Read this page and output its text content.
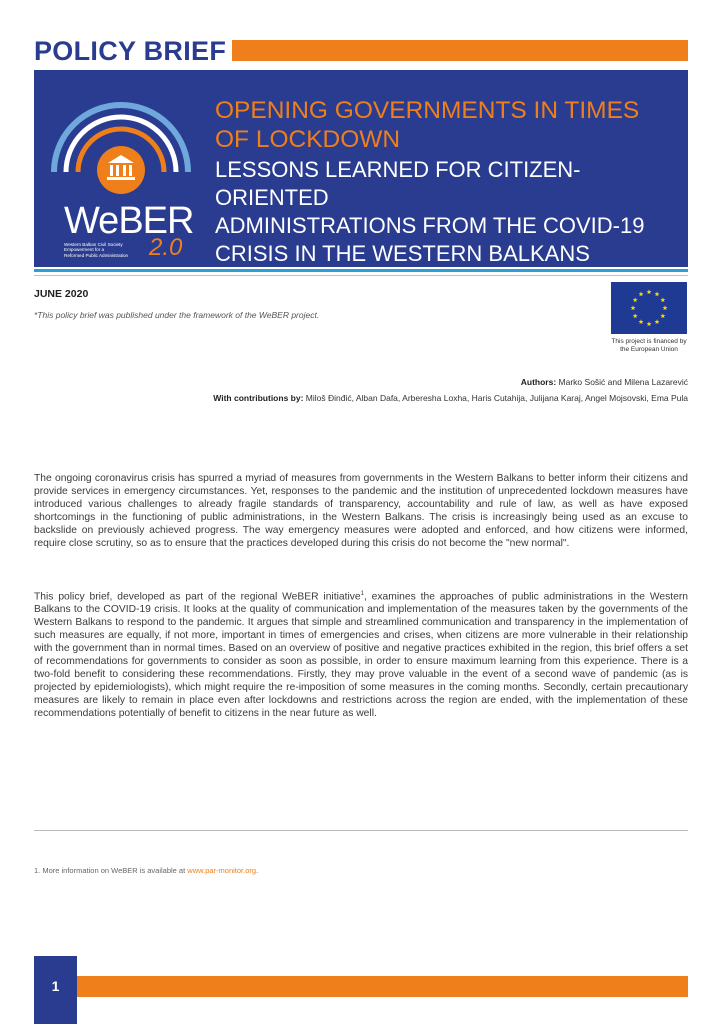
POLICY BRIEF
WeBER
Western Balkan Civil Society
Empowerment for a
Reformed Public Administration 2.0
OPENING GOVERNMENTS IN TIMES
OF LOCKDOWN
LESSONS LEARNED FOR CITIZEN-ORIENTED
ADMINISTRATIONS FROM THE COVID-19
CRISIS IN THE WESTERN BALKANS
JUNE 2020
*This policy brief was published under the framework of the WeBER project.
This project is financed by
the European Union
Authors: Marko Sošić and Milena Lazarević
With contributions by: Miloš Đinđić, Alban Dafa, Arberesha Loxha, Haris Cutahija, Julijana Karaj, Angel Mojsovski, Ema Pula
The ongoing coronavirus crisis has spurred a myriad of measures from governments in the Western Balkans to better inform their citizens and provide services in emergency circumstances. Yet, responses to the pandemic and the institution of unprecedented lockdown measures have introduced various challenges to already fragile standards of transparency, accountability and rule of law, as well as have exposed shortcomings in the functioning of public administrations, in the Western Balkans. The crisis is increasingly being used as an excuse to backslide on previously achieved progress. The way emergency measures were adopted and enforced, and how citizens were informed, require close scrutiny, so as to ensure that the practices developed during this crisis do not become the "new normal".
This policy brief, developed as part of the regional WeBER initiative$^1$, examines the approaches of public administrations in the Western Balkans to the COVID-19 crisis. It looks at the quality of communication and implementation of the measures taken by the governments of the Western Balkans to respond to the pandemic. It argues that simple and streamlined communication and transparency in the implementation of such measures are equally, if not more, important in times of emergencies and crises, when citizens are more vulnerable in their relationship with the government than in normal times. Based on an overview of positive and negative practices exhibited in the region, this brief offers a set of recommendations for governments to consider as soon as possible, in order to ensure maximum learning from this experience. There is a two-fold benefit to considering these recommendations. Firstly, they may prove valuable in the event of a second wave of pandemic (as is projected by epidemiologists), which might require the re-imposition of some measures in the coming months. Secondly, certain precautionary measures are likely to remain in place even after lockdowns and restrictions across the region are ended, with the implementation of these recommendations potentially of benefit to citizens in the near future as well.
1. More information on WeBER is available at www.par-monitor.org.
1
